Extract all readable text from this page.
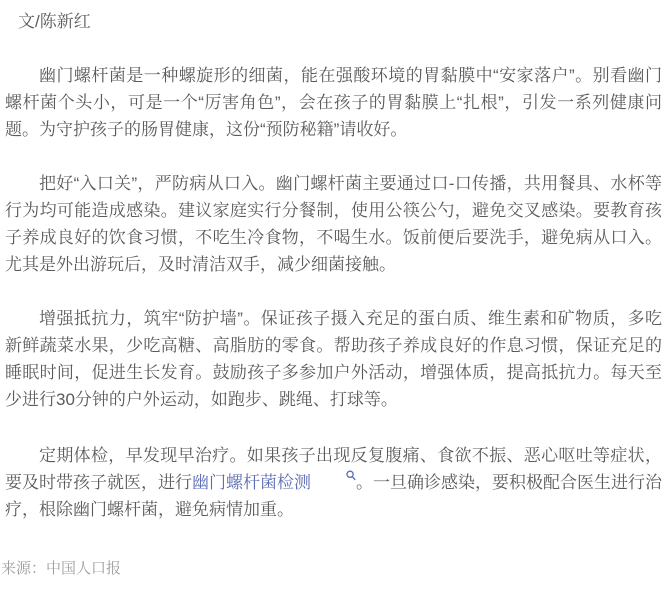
文/陈新红

幽门螺杆菌是一种螺旋形的细菌，能在强酸环境的胃黏膜中“安家落户”。别看幽门螺杆菌个头小，可是一个“厉害角色”，会在孩子的胃黏膜上“扎根”，引发一系列健康问题。为守护孩子的肠胃健康，这份“预防秘籍”请收好。

把好“入口关”，严防病从口入。幽门螺杆菌主要通过口-口传播，共用餐具、水杯等行为均可能造成感染。建议家庭实行分餐制，使用公筷公勺，避免交叉感染。要教育孩子养成良好的饮食习惯，不吃生冷食物，不喝生水。饭前便后要洗手，避免病从口入。尤其是外出游玩后，及时清洁双手，减少细菌接触。

增强抵抗力，筑牢“防护墙”。保证孩子摄入充足的蛋白质、维生素和矿物质，多吃新鲜蔬菜水果，少吃高糖、高脂肪的零食。帮助孩子养成良好的作息习惯，保证充足的睡眠时间，促进生长发育。鼓励孩子多参加户外活动，增强体质，提高抵抗力。每天至少进行30分钟的户外运动，如跑步、跳绳、打球等。

定期体检，早发现早治疗。如果孩子出现反复腹痛、食欲不振、恶心呕吐等症状，要及时带孩子就医，进行幽门螺杆菌检测	。一旦确诊感染，要积极配合医生进行治疗，根除幽门螺杆菌，避免病情加重。

来源：中国人口报
